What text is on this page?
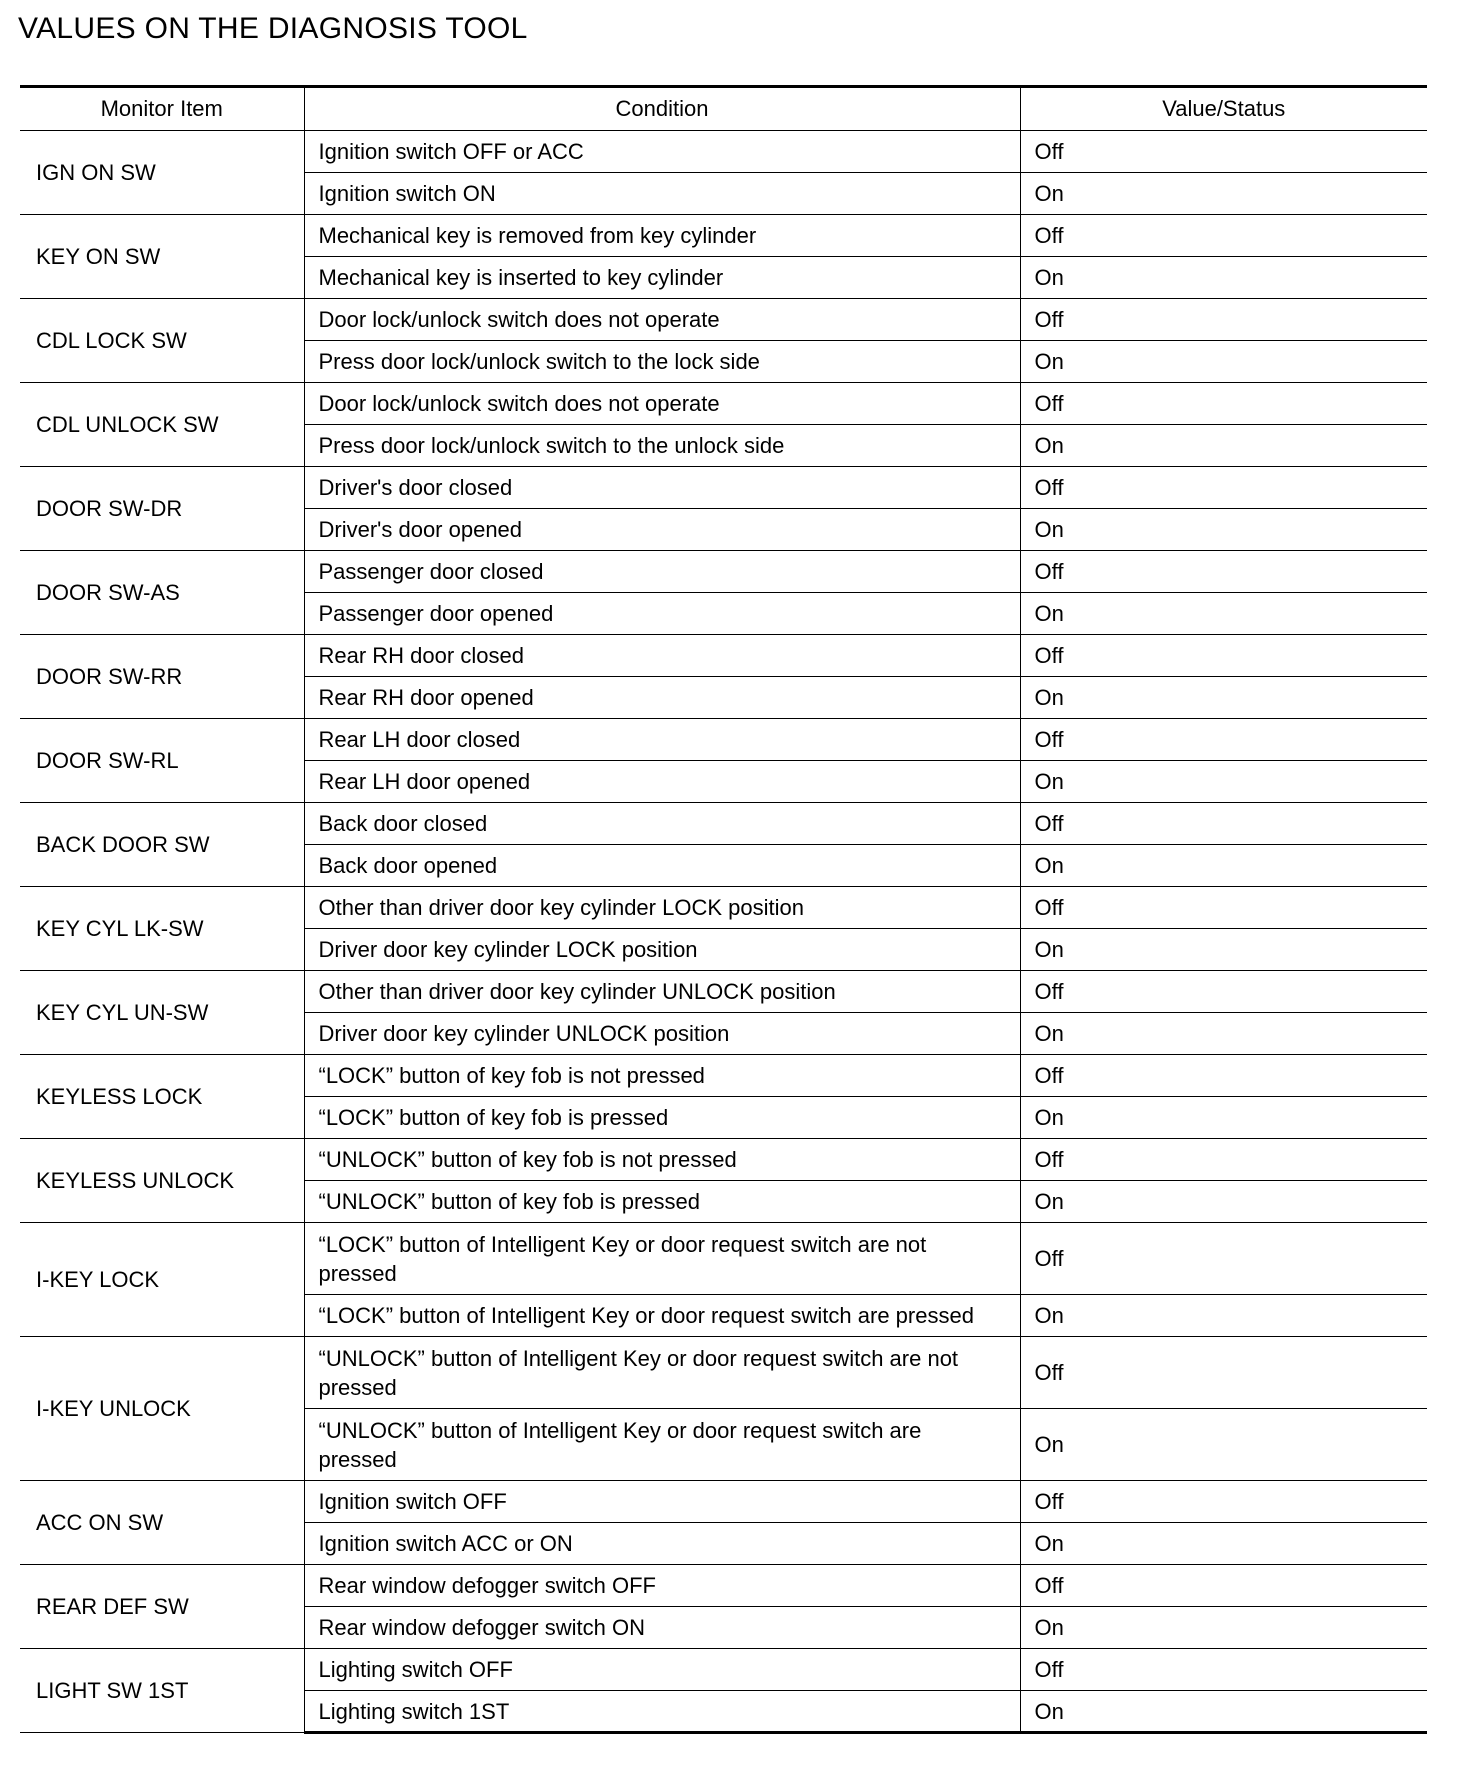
VALUES ON THE DIAGNOSIS TOOL
Monitor Item	Condition	Value/Status
IGN ON SW	Ignition switch OFF or ACC	Off
	Ignition switch ON	On
KEY ON SW	Mechanical key is removed from key cylinder	Off
	Mechanical key is inserted to key cylinder	On
CDL LOCK SW	Door lock/unlock switch does not operate	Off
	Press door lock/unlock switch to the lock side	On
CDL UNLOCK SW	Door lock/unlock switch does not operate	Off
	Press door lock/unlock switch to the unlock side	On
DOOR SW-DR	Driver's door closed	Off
	Driver's door opened	On
DOOR SW-AS	Passenger door closed	Off
	Passenger door opened	On
DOOR SW-RR	Rear RH door closed	Off
	Rear RH door opened	On
DOOR SW-RL	Rear LH door closed	Off
	Rear LH door opened	On
BACK DOOR SW	Back door closed	Off
	Back door opened	On
KEY CYL LK-SW	Other than driver door key cylinder LOCK position	Off
	Driver door key cylinder LOCK position	On
KEY CYL UN-SW	Other than driver door key cylinder UNLOCK position	Off
	Driver door key cylinder UNLOCK position	On
KEYLESS LOCK	“LOCK” button of key fob is not pressed	Off
	“LOCK” button of key fob is pressed	On
KEYLESS UNLOCK	“UNLOCK” button of key fob is not pressed	Off
	“UNLOCK” button of key fob is pressed	On
I-KEY LOCK	“LOCK” button of Intelligent Key or door request switch are not pressed	Off
	“LOCK” button of Intelligent Key or door request switch are pressed	On
I-KEY UNLOCK	“UNLOCK” button of Intelligent Key or door request switch are not pressed	Off
	“UNLOCK” button of Intelligent Key or door request switch are pressed	On
ACC ON SW	Ignition switch OFF	Off
	Ignition switch ACC or ON	On
REAR DEF SW	Rear window defogger switch OFF	Off
	Rear window defogger switch ON	On
LIGHT SW 1ST	Lighting switch OFF	Off
	Lighting switch 1ST	On
